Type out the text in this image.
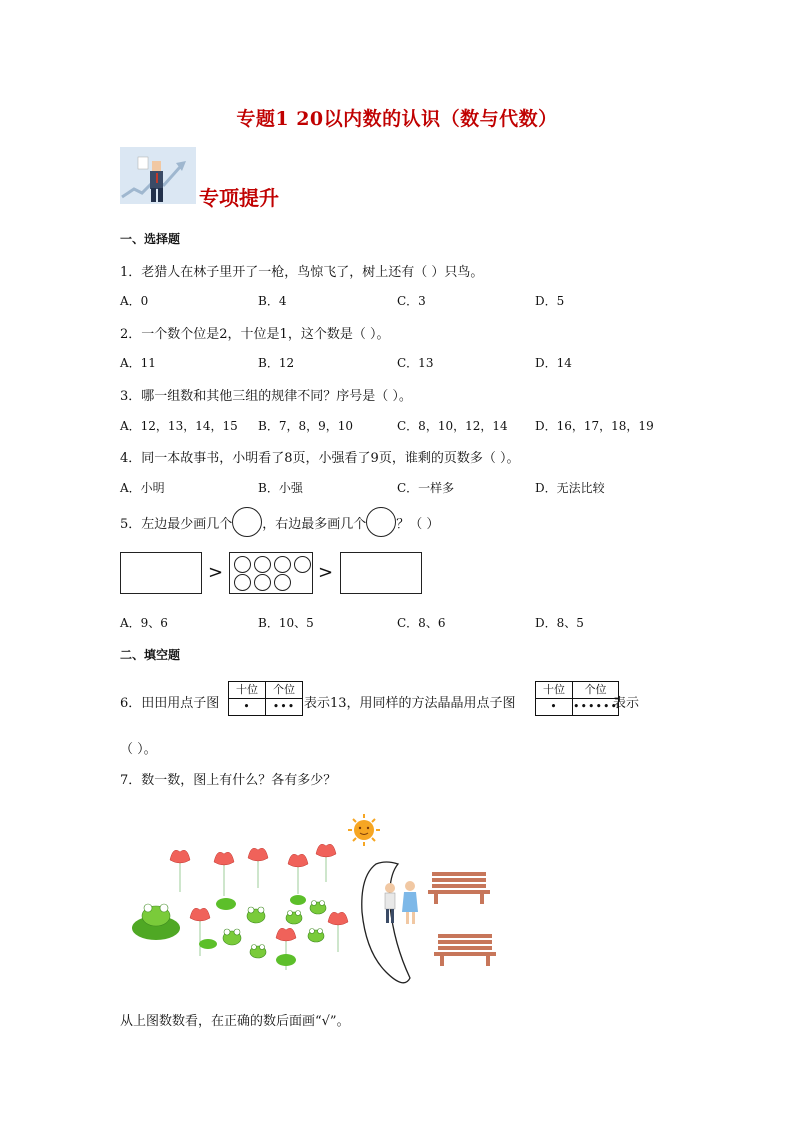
专题1 20以内数的认识（数与代数）
专项提升
一、选择题
1．老猎人在林子里开了一枪，鸟惊飞了，树上还有（ ）只鸟。
A．0	B．4	C．3	D．5
2．一个数个位是2，十位是1，这个数是（ ）。
A．11	B．12	C．13	D．14
3．哪一组数和其他三组的规律不同？序号是（ ）。
A．12，13，14，15 B．7，8，9，10	C．8，10，12，14 D．16，17，18，19
4．同一本故事书，小明看了8页，小强看了9页，谁剩的页数多（ ）。
A．小明	B．小强	C．一样多	D．无法比较
5．左边最少画几个 ，右边最多画几个 ？（ ）
>	>
A．9、6	B．10、5	C．8、6	D．8、5
二、填空题
6．田田用点子图
十位	个位
•	••• 表示13，用同样的方法晶晶用点子图
十位	个位
•	••••••
表示
（ ）。
7．数一数，图上有什么？各有多少？
从上图数数看，在正确的数后面画“√”。
